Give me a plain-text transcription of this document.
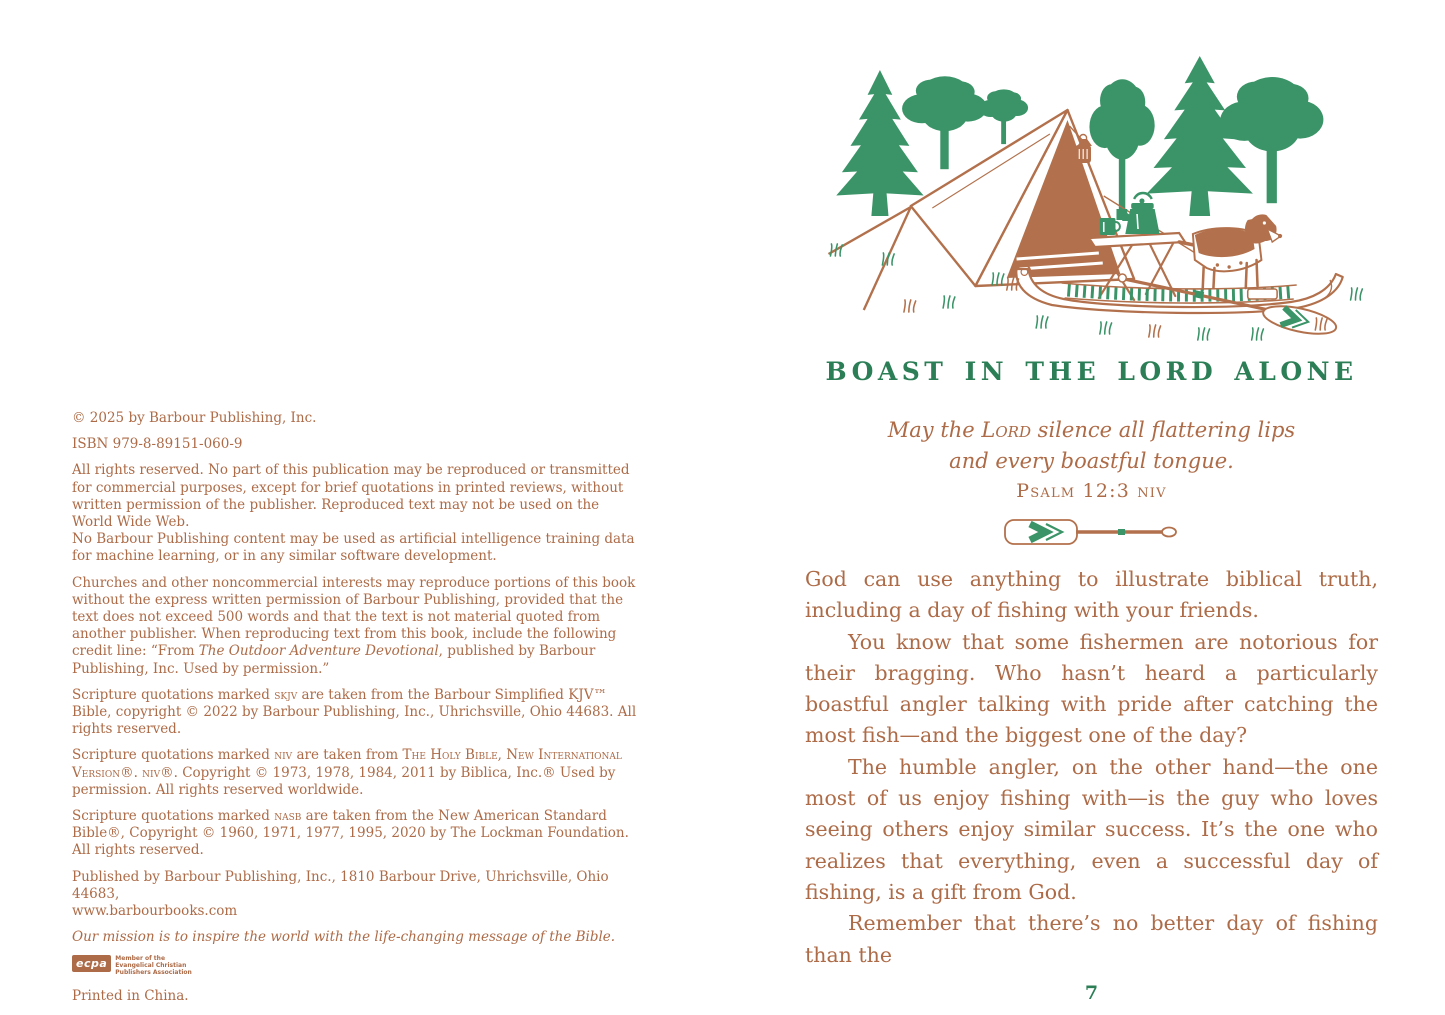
© 2025 by Barbour Publishing, Inc.

ISBN 979-8-89151-060-9

All rights reserved. No part of this publication may be reproduced or transmitted for commercial purposes, except for brief quotations in printed reviews, without written permission of the publisher. Reproduced text may not be used on the World Wide Web.
No Barbour Publishing content may be used as artificial intelligence training data for machine learning, or in any similar software development.

Churches and other noncommercial interests may reproduce portions of this book without the express written permission of Barbour Publishing, provided that the text does not exceed 500 words and that the text is not material quoted from another publisher. When reproducing text from this book, include the following credit line: “From The Outdoor Adventure Devotional, published by Barbour Publishing, Inc. Used by permission.”

Scripture quotations marked skjv are taken from the Barbour Simplified KJV™ Bible, copyright © 2022 by Barbour Publishing, Inc., Uhrichsville, Ohio 44683. All rights reserved.

Scripture quotations marked niv are taken from The Holy Bible, New International Version®. niv®. Copyright © 1973, 1978, 1984, 2011 by Biblica, Inc.® Used by permission. All rights reserved worldwide.

Scripture quotations marked nasb are taken from the New American Standard Bible®, Copyright © 1960, 1971, 1977, 1995, 2020 by The Lockman Foundation. All rights reserved.

Published by Barbour Publishing, Inc., 1810 Barbour Drive, Uhrichsville, Ohio 44683,
www.barbourbooks.com

Our mission is to inspire the world with the life-changing message of the Bible.

ecpa	Member of the
Evangelical Christian
Publishers Association

Printed in China.

BOAST IN THE LORD ALONE
May the Lord silence all flattering lips
and every boastful tongue.
Psalm 12:3 niv

God can use anything to illustrate biblical truth, including a day of fishing with your friends.

You know that some fishermen are notorious for their bragging. Who hasn’t heard a particularly boastful angler talking with pride after catching the most fish—and the biggest one of the day?

The humble angler, on the other hand—the one most of us enjoy fishing with—is the guy who loves seeing others enjoy similar success. It’s the one who realizes that everything, even a successful day of fishing, is a gift from God.

Remember that there’s no better day of fishing than the

7
